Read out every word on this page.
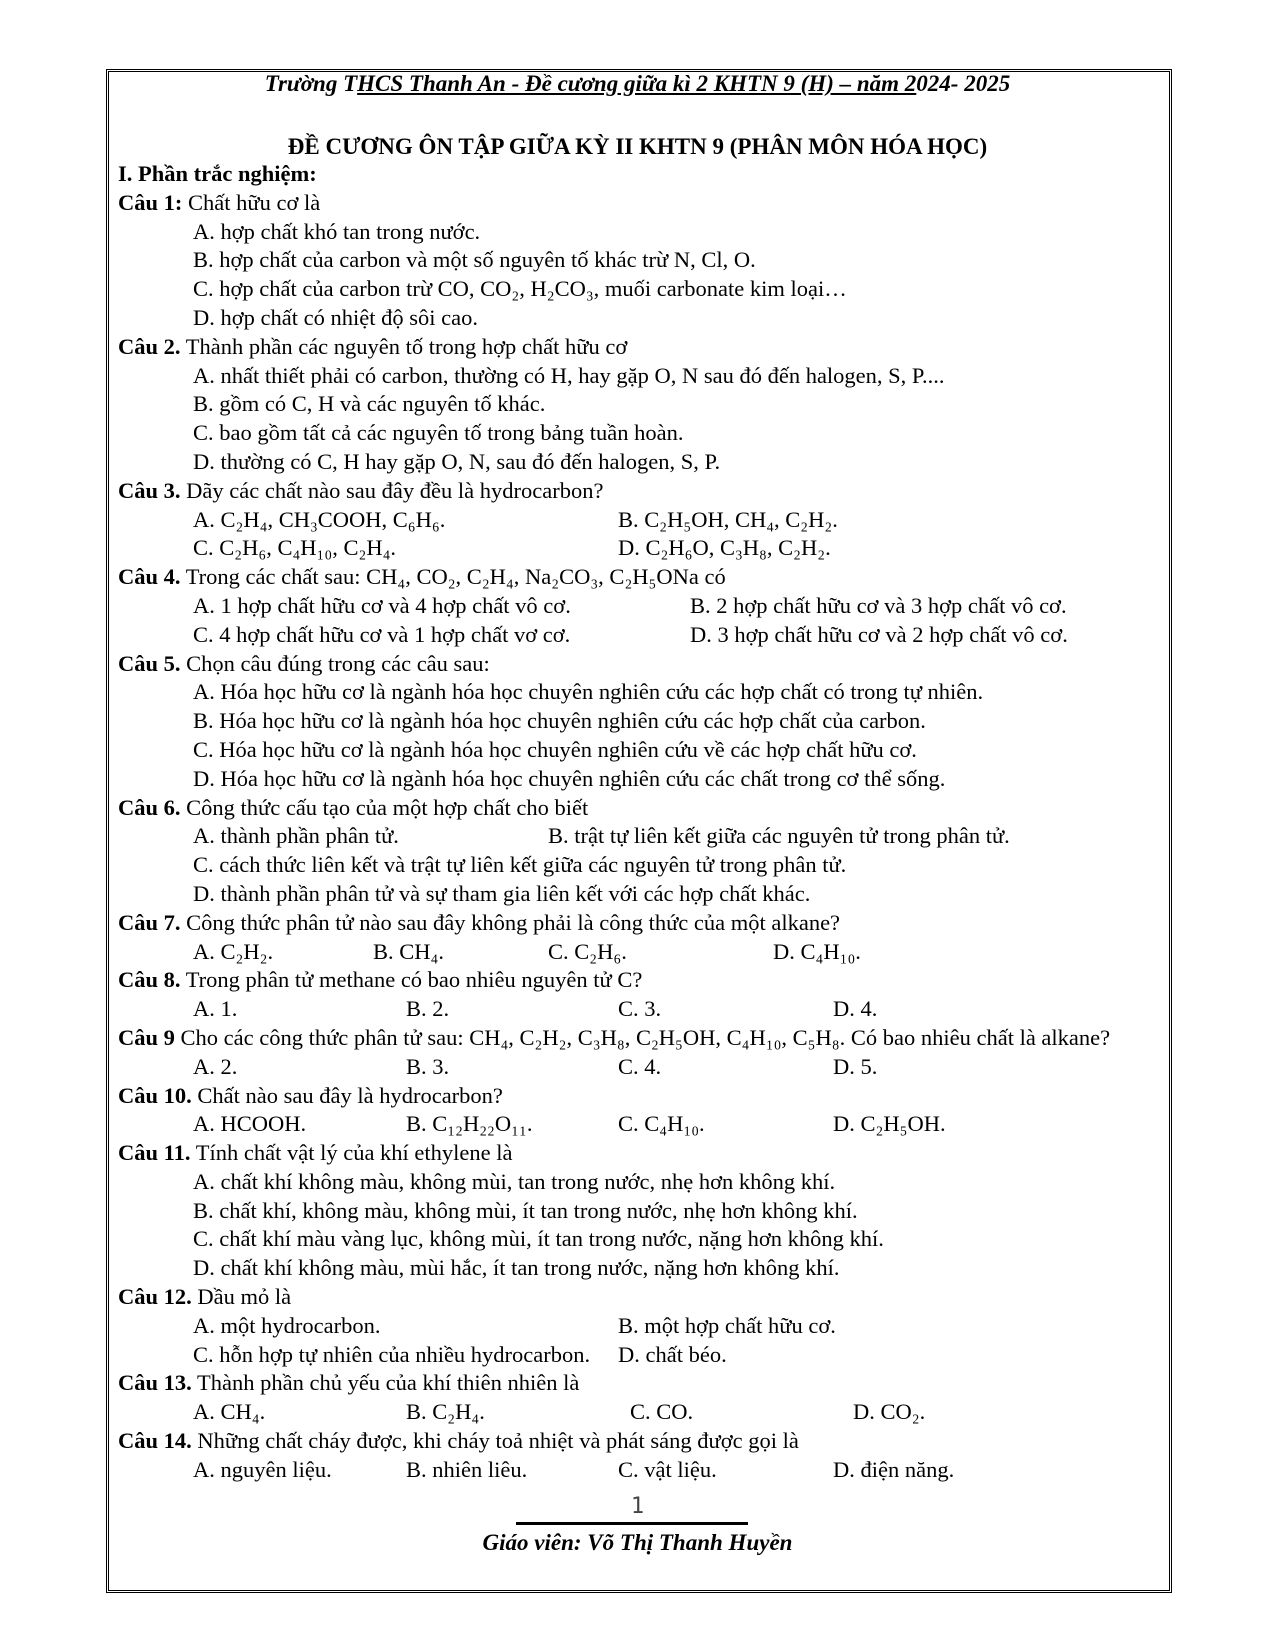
Trường THCS Thanh An - Đề cương giữa kì 2 KHTN 9 (H) – năm 2024- 2025
ĐỀ CƯƠNG ÔN TẬP GIỮA KỲ II KHTN 9 (PHÂN MÔN HÓA HỌC)
I. Phần trắc nghiệm:
Câu 1: Chất hữu cơ là
A. hợp chất khó tan trong nước.
B. hợp chất của carbon và một số nguyên tố khác trừ N, Cl, O.
C. hợp chất của carbon trừ CO, CO₂, H₂CO₃, muối carbonate kim loại…
D. hợp chất có nhiệt độ sôi cao.
Câu 2. Thành phần các nguyên tố trong hợp chất hữu cơ
A. nhất thiết phải có carbon, thường có H, hay gặp O, N sau đó đến halogen, S, P....
B. gồm có C, H và các nguyên tố khác.
C. bao gồm tất cả các nguyên tố trong bảng tuần hoàn.
D. thường có C, H hay gặp O, N, sau đó đến halogen, S, P.
Câu 3. Dãy các chất nào sau đây đều là hydrocarbon?
A. C₂H₄, CH₃COOH, C₆H₆.	B. C₂H₅OH, CH₄, C₂H₂.
C. C₂H₆, C₄H₁₀, C₂H₄.	D. C₂H₆O, C₃H₈, C₂H₂.
Câu 4. Trong các chất sau: CH₄, CO₂, C₂H₄, Na₂CO₃, C₂H₅ONa có
A. 1 hợp chất hữu cơ và 4 hợp chất vô cơ.	B. 2 hợp chất hữu cơ và 3 hợp chất vô cơ.
C. 4 hợp chất hữu cơ và 1 hợp chất vơ cơ.	D. 3 hợp chất hữu cơ và 2 hợp chất vô cơ.
Câu 5. Chọn câu đúng trong các câu sau:
A. Hóa học hữu cơ là ngành hóa học chuyên nghiên cứu các hợp chất có trong tự nhiên.
B. Hóa học hữu cơ là ngành hóa học chuyên nghiên cứu các hợp chất của carbon.
C. Hóa học hữu cơ là ngành hóa học chuyên nghiên cứu về các hợp chất hữu cơ.
D. Hóa học hữu cơ là ngành hóa học chuyên nghiên cứu các chất trong cơ thể sống.
Câu 6. Công thức cấu tạo của một hợp chất cho biết
A. thành phần phân tử.	B. trật tự liên kết giữa các nguyên tử trong phân tử.
C. cách thức liên kết và trật tự liên kết giữa các nguyên tử trong phân tử.
D. thành phần phân tử và sự tham gia liên kết với các hợp chất khác.
Câu 7. Công thức phân tử nào sau đây không phải là công thức của một alkane?
A. C₂H₂.	B. CH₄.	C. C₂H₆.	D. C₄H₁₀.
Câu 8. Trong phân tử methane có bao nhiêu nguyên tử C?
A. 1.	B. 2.	C. 3.	D. 4.
Câu 9 Cho các công thức phân tử sau: CH₄, C₂H₂, C₃H₈, C₂H₅OH, C₄H₁₀, C₅H₈. Có bao nhiêu chất là alkane?
A. 2.	B. 3.	C. 4.	D. 5.
Câu 10. Chất nào sau đây là hydrocarbon?
A. HCOOH.	B. C₁₂H₂₂O₁₁.	C. C₄H₁₀.	D. C₂H₅OH.
Câu 11. Tính chất vật lý của khí ethylene là
A. chất khí không màu, không mùi, tan trong nước, nhẹ hơn không khí.
B. chất khí, không màu, không mùi, ít tan trong nước, nhẹ hơn không khí.
C. chất khí màu vàng lục, không mùi, ít tan trong nước, nặng hơn không khí.
D. chất khí không màu, mùi hắc, ít tan trong nước, nặng hơn không khí.
Câu 12. Dầu mỏ là
A. một hydrocarbon.	B. một hợp chất hữu cơ.
C. hỗn hợp tự nhiên của nhiều hydrocarbon. D. chất béo.
Câu 13. Thành phần chủ yếu của khí thiên nhiên là
A. CH₄.	B. C₂H₄.	C. CO.	D. CO₂.
Câu 14. Những chất cháy được, khi cháy toả nhiệt và phát sáng được gọi là
A. nguyên liệu.	B. nhiên liêu.	C. vật liệu.	D. điện năng.
1
Giáo viên: Võ Thị Thanh Huyền
